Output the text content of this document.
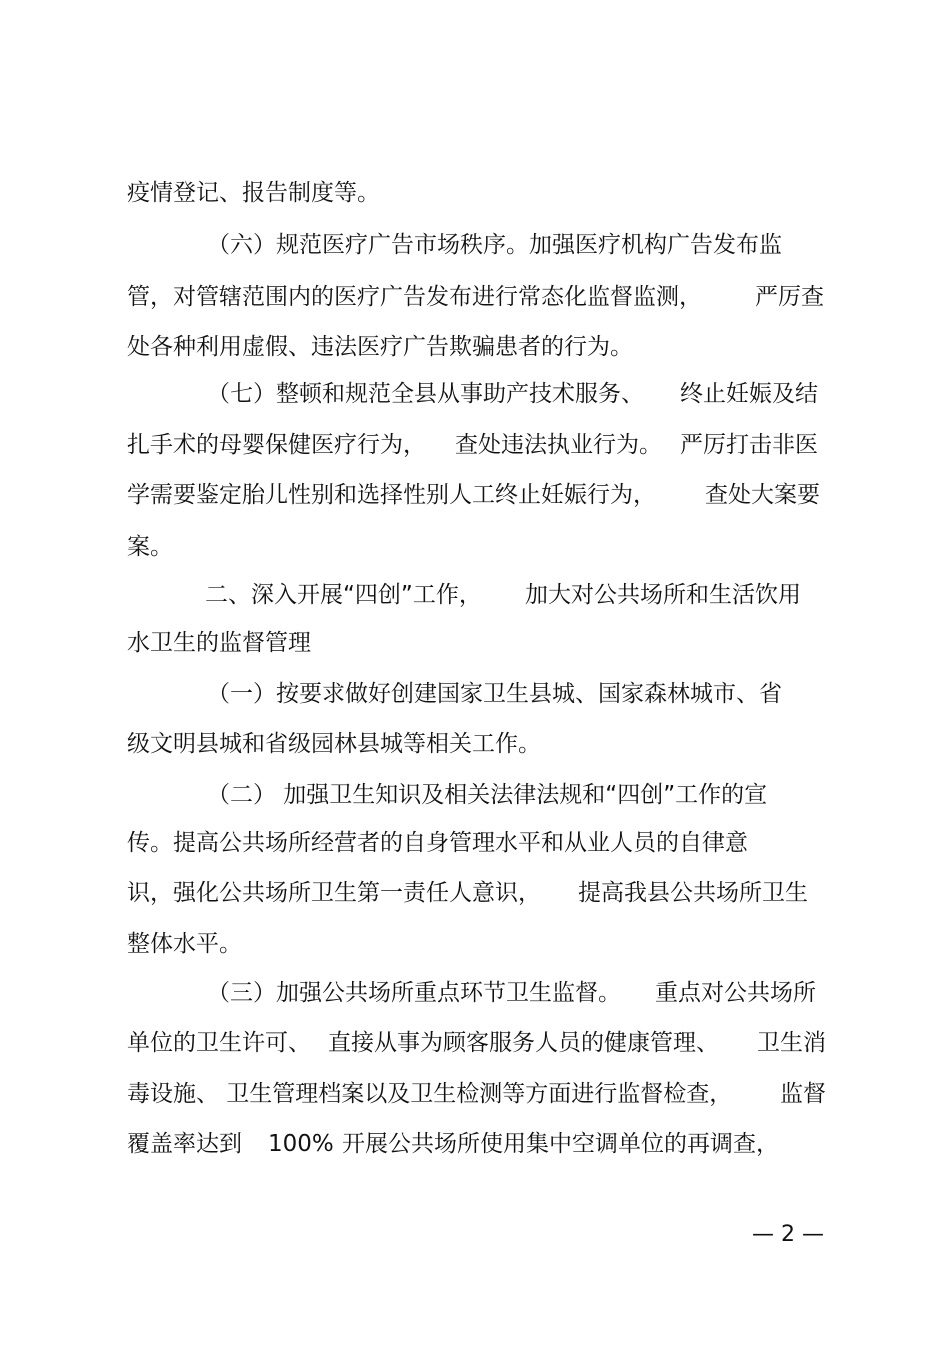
疫情登记、报告制度等。
（六）规范医疗广告市场秩序。加强医疗机构广告发布监
管，对管辖范围内的医疗广告发布进行常态化监督监测， 严厉查
处各种利用虚假、违法医疗广告欺骗患者的行为。
（七）整顿和规范全县从事助产技术服务、 终止妊娠及结
扎手术的母婴保健医疗行为， 查处违法执业行为。 严厉打击非医
学需要鉴定胎儿性别和选择性别人工终止妊娠行为， 查处大案要
案。
二、深入开展“四创”工作， 加大对公共场所和生活饮用
水卫生的监督管理
（一）按要求做好创建国家卫生县城、国家森林城市、省
级文明县城和省级园林县城等相关工作。
（二） 加强卫生知识及相关法律法规和“四创”工作的宣
传。提高公共场所经营者的自身管理水平和从业人员的自律意
识，强化公共场所卫生第一责任人意识， 提高我县公共场所卫生
整体水平。
（三）加强公共场所重点环节卫生监督。 重点对公共场所
单位的卫生许可、 直接从事为顾客服务人员的健康管理、 卫生消
毒设施、 卫生管理档案以及卫生检测等方面进行监督检查， 监督
覆盖率达到 100% 开展公共场所使用集中空调单位的再调查，
— 2 —
